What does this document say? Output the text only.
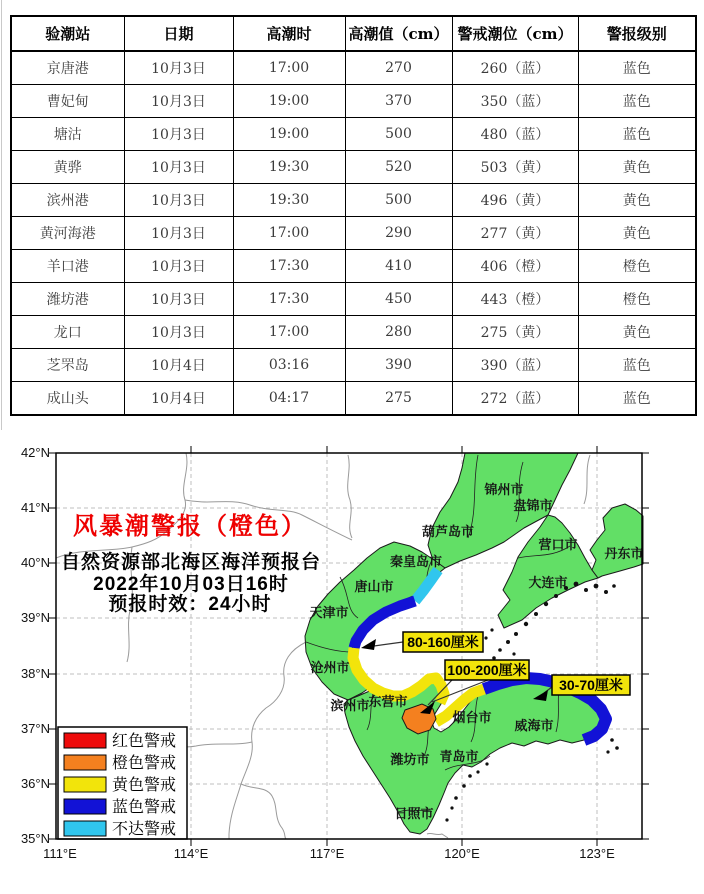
验潮站	日期	高潮时	高潮值（cm）	警戒潮位（cm）	警报级别
京唐港	10月3日	17:00	270	260（蓝）	蓝色
曹妃甸	10月3日	19:00	370	350（蓝）	蓝色
塘沽	10月3日	19:00	500	480（蓝）	蓝色
黄骅	10月3日	19:30	520	503（黄）	黄色
滨州港	10月3日	19:30	500	496（黄）	黄色
黄河海港	10月3日	17:00	290	277（黄）	黄色
羊口港	10月3日	17:30	410	406（橙）	橙色
潍坊港	10月3日	17:30	450	443（橙）	橙色
龙口	10月3日	17:00	280	275（黄）	黄色
芝罘岛	10月4日	03:16	390	390（蓝）	蓝色
成山头	10月4日	04:17	275	272（蓝）	蓝色
锦州市
盘锦市
葫芦岛市
秦皇岛市
唐山市
营口市
丹东市
大连市
天津市
沧州市
滨州市
东营市
烟台市
威海市
潍坊市 青岛市
日照市
80-160厘米
100-200厘米
30-70厘米
风暴潮警报（橙色）
自然资源部北海区海洋预报台
2022年10月03日16时
预报时效：24小时
红色警戒
橙色警戒
黄色警戒
蓝色警戒
不达警戒
42°N
41°N
40°N
39°N
38°N
37°N
36°N
35°N
111°E	114°E	117°E	120°E	123°E
